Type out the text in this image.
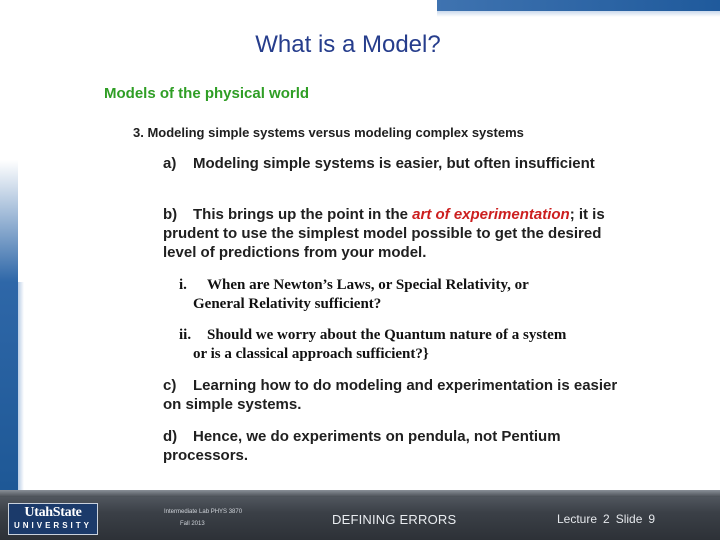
What is a Model?
Models of the physical world
3. Modeling simple systems versus modeling complex systems
a) Modeling simple systems is easier, but often insufficient
b) This brings up the point in the art of experimentation; it is prudent to use the simplest model possible to get the desired level of predictions from your model.
i. When are Newton’s Laws, or Special Relativity, or
General Relativity sufficient?
ii. Should we worry about the Quantum nature of a system
or is a classical approach sufficient?}
c) Learning how to do modeling and experimentation is easier on simple systems.
d) Hence, we do experiments on pendula, not Pentium processors.
UtahState
UNIVERSITY
Intermediate Lab PHYS 3870
Fall 2013	DEFINING ERRORS	Lecture 2 Slide 9
